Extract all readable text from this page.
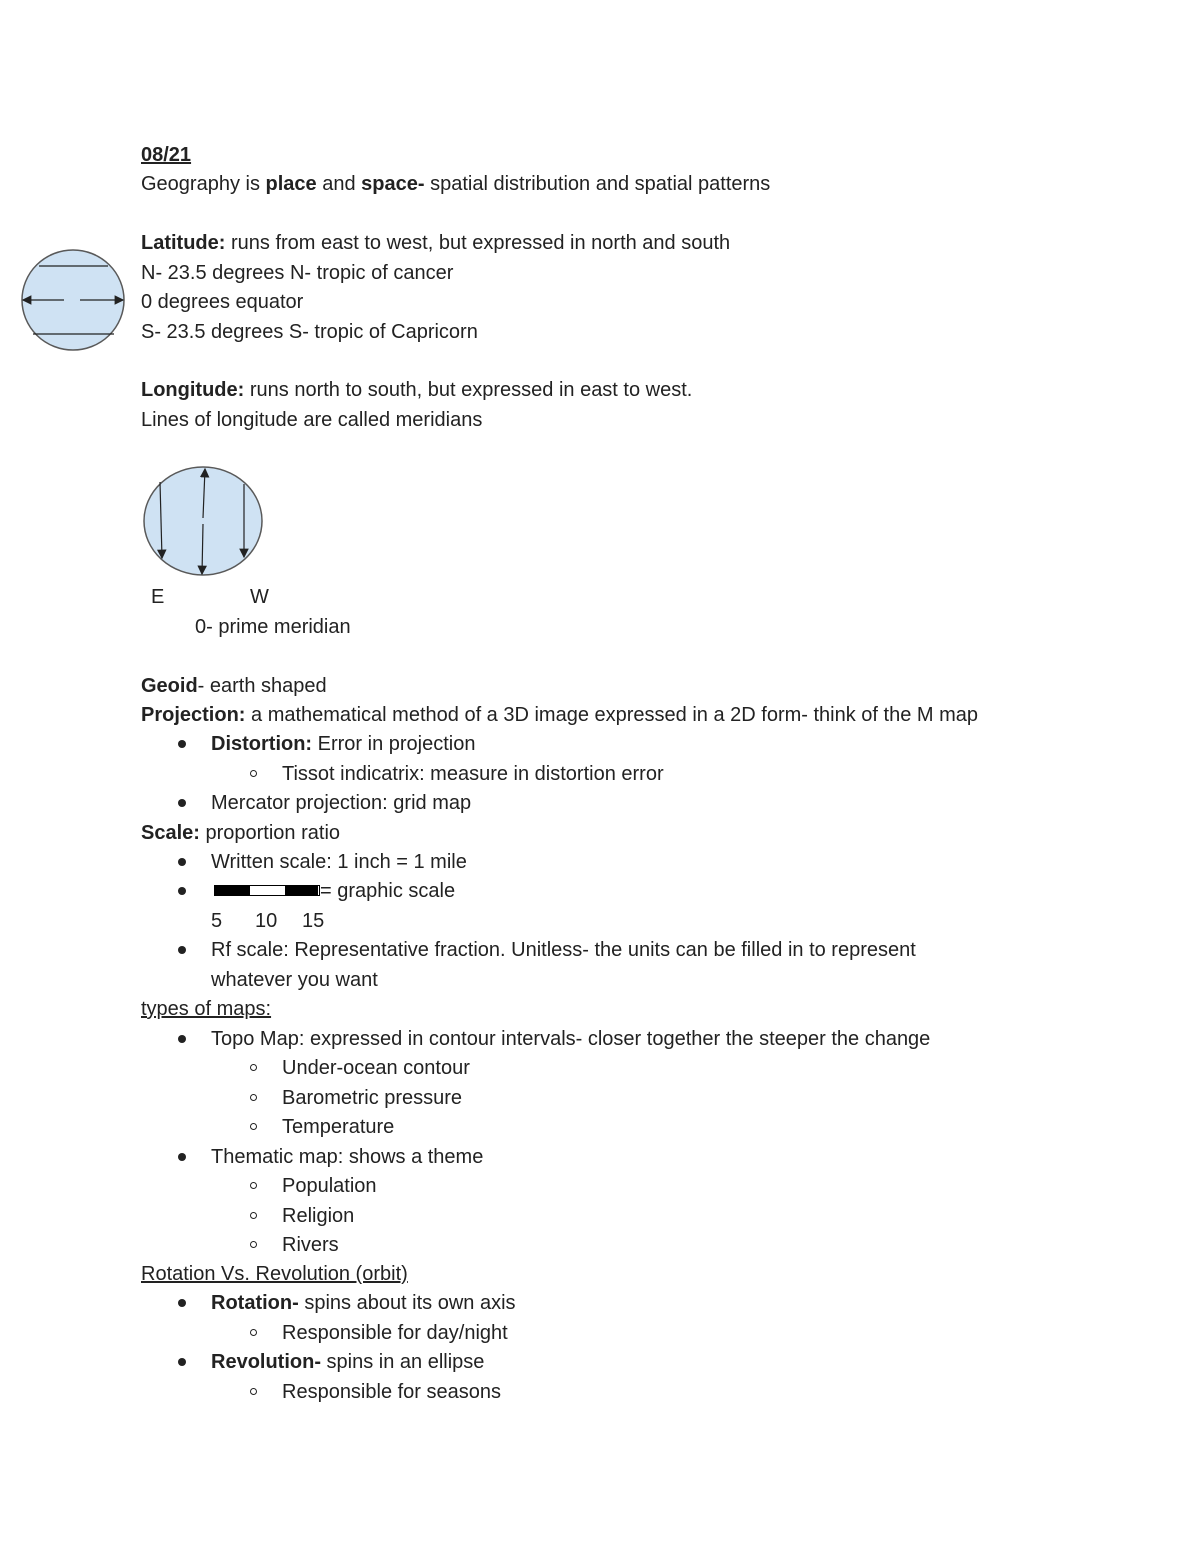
08/21
Geography is place and space- spatial distribution and spatial patterns
Latitude: runs from east to west, but expressed in north and south
N- 23.5 degrees N- tropic of cancer
0 degrees equator
S- 23.5 degrees S- tropic of Capricorn
Longitude: runs north to south, but expressed in east to west.
Lines of longitude are called meridians
E	W
0- prime meridian
Geoid- earth shaped
Projection: a mathematical method of a 3D image expressed in a 2D form- think of the M map
Distortion: Error in projection
Tissot indicatrix: measure in distortion error
Mercator projection: grid map
Scale: proportion ratio
Written scale: 1 inch = 1 mile
= graphic scale
5 10 15
Rf scale: Representative fraction. Unitless- the units can be filled in to represent
whatever you want
types of maps:
Topo Map: expressed in contour intervals- closer together the steeper the change
Under-ocean contour
Barometric pressure
Temperature
Thematic map: shows a theme
Population
Religion
Rivers
Rotation Vs. Revolution (orbit)
Rotation- spins about its own axis
Responsible for day/night
Revolution- spins in an ellipse
Responsible for seasons
